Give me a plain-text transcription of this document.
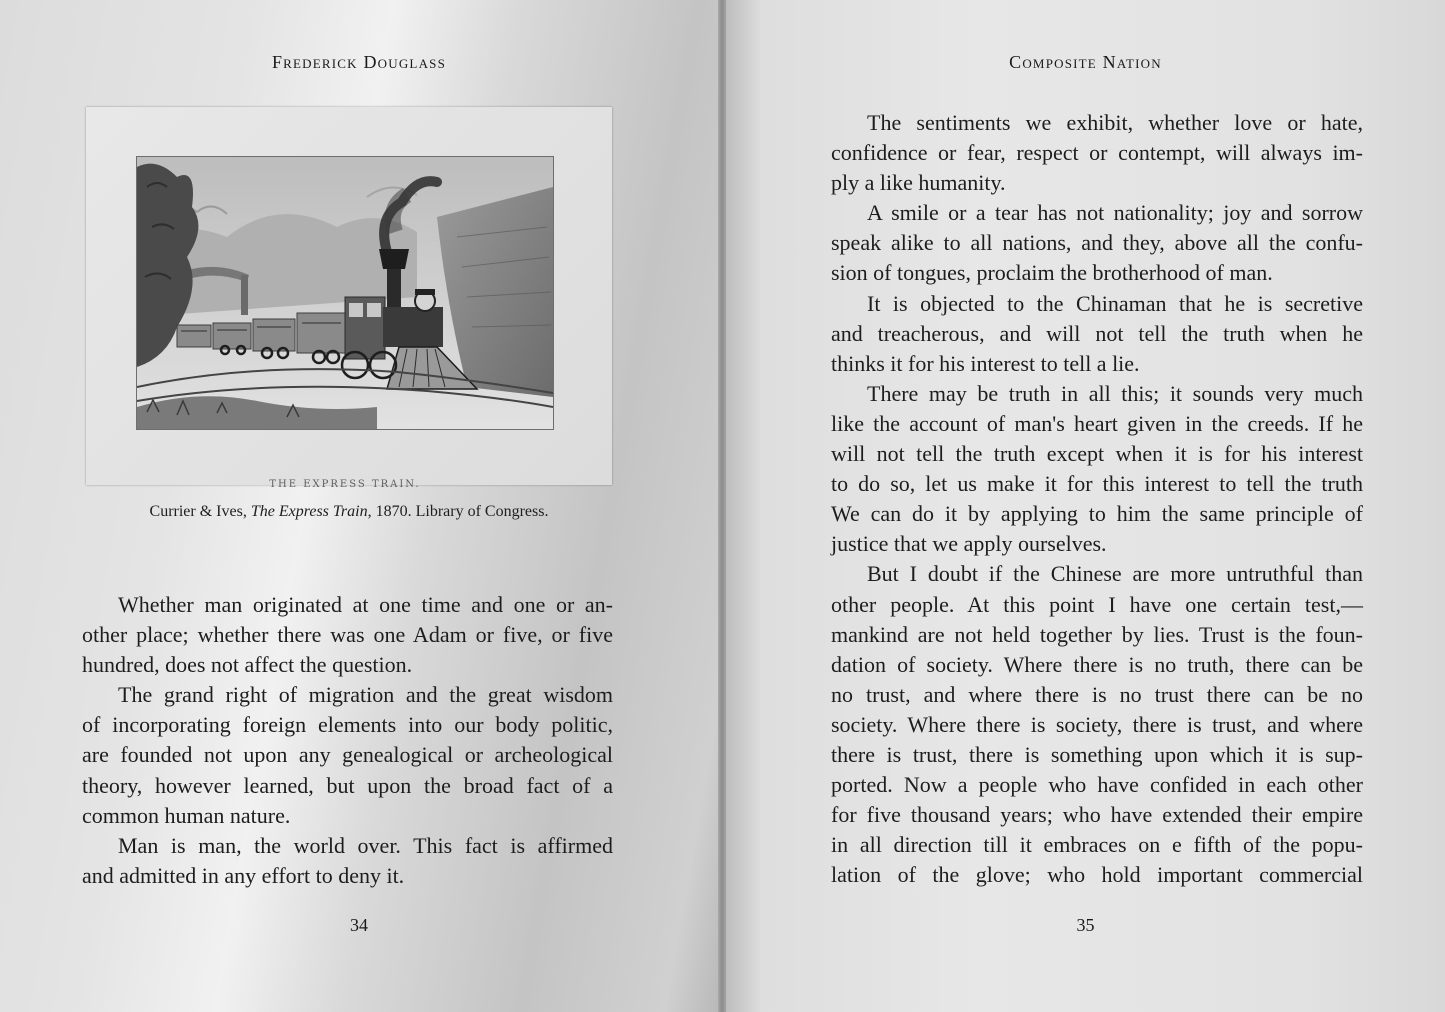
Frederick Douglass
THE EXPRESS TRAIN.
Currier & Ives, The Express Train, 1870. Library of Congress.
Whether man originated at one time and one or an-
other place; whether there was one Adam or five, or five
hundred, does not affect the question.
The grand right of migration and the great wisdom
of incorporating foreign elements into our body politic,
are founded not upon any genealogical or archeological
theory, however learned, but upon the broad fact of a
common human nature.
Man is man, the world over. This fact is affirmed
and admitted in any effort to deny it.
34
Composite Nation
35
The sentiments we exhibit, whether love or hate,
confidence or fear, respect or contempt, will always im-
ply a like humanity.
A smile or a tear has not nationality; joy and sorrow
speak alike to all nations, and they, above all the confu-
sion of tongues, proclaim the brotherhood of man.
It is objected to the Chinaman that he is secretive
and treacherous, and will not tell the truth when he
thinks it for his interest to tell a lie.
There may be truth in all this; it sounds very much
like the account of man's heart given in the creeds. If he
will not tell the truth except when it is for his interest
to do so, let us make it for this interest to tell the truth
We can do it by applying to him the same principle of
justice that we apply ourselves.
But I doubt if the Chinese are more untruthful than
other people. At this point I have one certain test,—
mankind are not held together by lies. Trust is the foun-
dation of society. Where there is no truth, there can be
no trust, and where there is no trust there can be no
society. Where there is society, there is trust, and where
there is trust, there is something upon which it is sup-
ported. Now a people who have confided in each other
for five thousand years; who have extended their empire
in all direction till it embraces on e fifth of the popu-
lation of the glove; who hold important commercial
